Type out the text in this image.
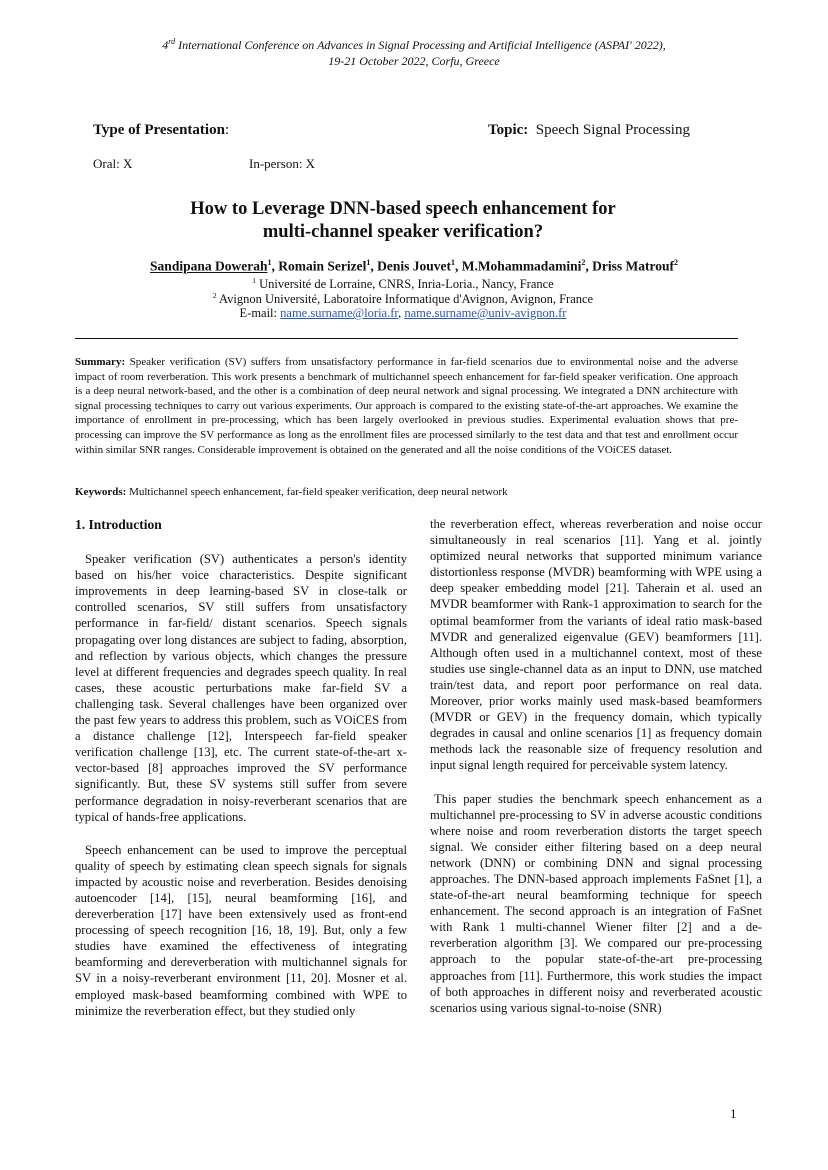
4rd International Conference on Advances in Signal Processing and Artificial Intelligence (ASPAI' 2022),
19-21 October 2022, Corfu, Greece
Type of Presentation:	Topic: Speech Signal Processing
Oral: X	In-person: X
How to Leverage DNN-based speech enhancement for
multi-channel speaker verification?
Sandipana Dowerah$^1$, Romain Serizel$^1$, Denis Jouvet$^1$, M.Mohammadamini$^2$, Driss Matrouf$^2$
$^1$ Université de Lorraine, CNRS, Inria-Loria., Nancy, France
$^2$ Avignon Université, Laboratoire Informatique d'Avignon, Avignon, France
E-mail: name.surname@loria.fr, name.surname@univ-avignon.fr
Summary: Speaker verification (SV) suffers from unsatisfactory performance in far-field scenarios due to environmental noise and the adverse impact of room reverberation. This work presents a benchmark of multichannel speech enhancement for far-field speaker verification. One approach is a deep neural network-based, and the other is a combination of deep neural network and signal processing. We integrated a DNN architecture with signal processing techniques to carry out various experiments. Our approach is compared to the existing state-of-the-art approaches. We examine the importance of enrollment in pre-processing, which has been largely overlooked in previous studies. Experimental evaluation shows that pre-processing can improve the SV performance as long as the enrollment files are processed similarly to the test data and that test and enrollment occur within similar SNR ranges. Considerable improvement is obtained on the generated and all the noise conditions of the VOiCES dataset.
Keywords: Multichannel speech enhancement, far-field speaker verification, deep neural network
1. Introduction

Speaker verification (SV) authenticates a person's identity based on his/her voice characteristics. Despite significant improvements in deep learning-based SV in close-talk or controlled scenarios, SV still suffers from unsatisfactory performance in far-field/ distant scenarios. Speech signals propagating over long distances are subject to fading, absorption, and reflection by various objects, which changes the pressure level at different frequencies and degrades speech quality. In real cases, these acoustic perturbations make far-field SV a challenging task. Several challenges have been organized over the past few years to address this problem, such as VOiCES from a distance challenge [12], Interspeech far-field speaker verification challenge [13], etc. The current state-of-the-art x-vector-based [8] approaches improved the SV performance significantly. But, these SV systems still suffer from severe performance degradation in noisy-reverberant scenarios that are typical of hands-free applications.

Speech enhancement can be used to improve the perceptual quality of speech by estimating clean speech signals for signals impacted by acoustic noise and reverberation. Besides denoising autoencoder [14], [15], neural beamforming [16], and dereverberation [17] have been extensively used as front-end processing of speech recognition [16, 18, 19]. But, only a few studies have examined the effectiveness of integrating beamforming and dereverberation with multichannel signals for SV in a noisy-reverberant environment [11, 20]. Mosner et al. employed mask-based beamforming combined with WPE to minimize the reverberation effect, but they studied only

the reverberation effect, whereas reverberation and noise occur simultaneously in real scenarios [11]. Yang et al. jointly optimized neural networks that supported minimum variance distortionless response (MVDR) beamforming with WPE using a deep speaker embedding model [21]. Taherain et al. used an MVDR beamformer with Rank-1 approximation to search for the optimal beamformer from the variants of ideal ratio mask-based MVDR and generalized eigenvalue (GEV) beamformers [11]. Although often used in a multichannel context, most of these studies use single-channel data as an input to DNN, use matched train/test data, and report poor performance on real data. Moreover, prior works mainly used mask-based beamformers (MVDR or GEV) in the frequency domain, which typically degrades in causal and online scenarios [1] as frequency domain methods lack the reasonable size of frequency resolution and input signal length required for perceivable system latency.

This paper studies the benchmark speech enhancement as a multichannel pre-processing to SV in adverse acoustic conditions where noise and room reverberation distorts the target speech signal. We consider either filtering based on a deep neural network (DNN) or combining DNN and signal processing approaches. The DNN-based approach implements FaSnet [1], a state-of-the-art neural beamforming technique for speech enhancement. The second approach is an integration of FaSnet with Rank 1 multi-channel Wiener filter [2] and a de-reverberation algorithm [3]. We compared our pre-processing approach to the popular state-of-the-art pre-processing approaches from [11]. Furthermore, this work studies the impact of both approaches in different noisy and reverberated acoustic scenarios using various signal-to-noise (SNR)

1
